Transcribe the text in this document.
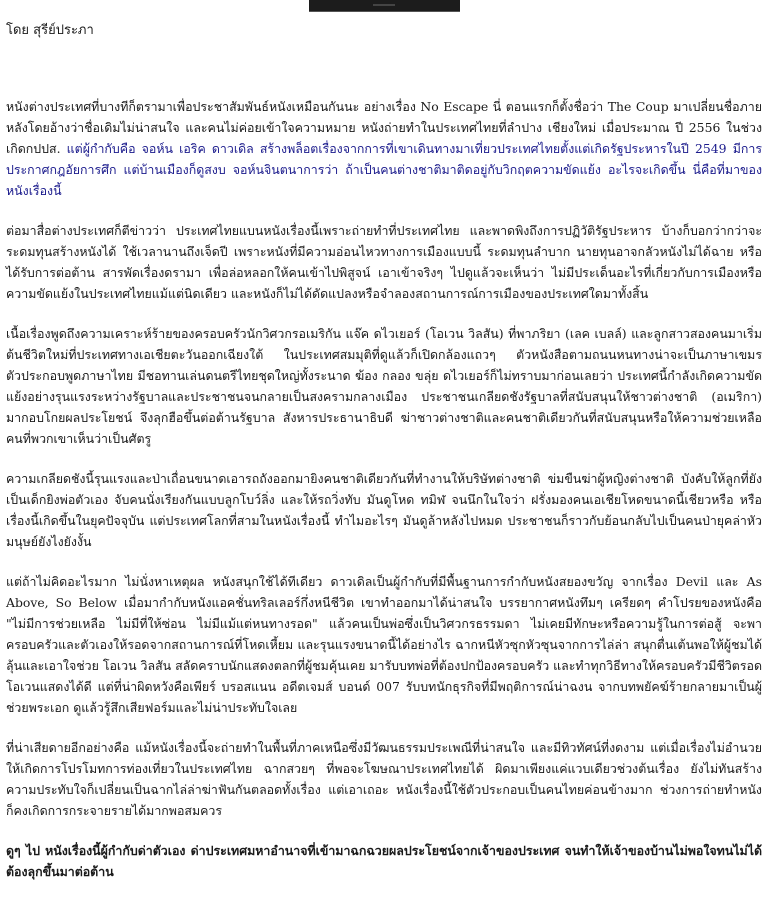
โดย สุรีย์ประภา

หนังต่างประเทศที่บางทีก็ตรามาเพื่อประชาสัมพันธ์หนังเหมือนกันนะ อย่างเรื่อง No Escape นี่ ตอนแรกก็ตั้งชื่อว่า The Coup มาเปลี่ยนชื่อภายหลังโดยอ้างว่าชื่อเดิมไม่น่าสนใจ และคนไม่ค่อยเข้าใจความหมาย หนังถ่ายทำในประเทศไทยที่ลำปาง เชียงใหม่ เมื่อประมาณ ปี 2556 ในช่วงเกิดกปปส. แต่ผู้กำกับคือ จอห์น เอริค ดาวเดิล สร้างพล็อตเรื่องจากการที่เขาเดินทางมาเที่ยวประเทศไทยตั้งแต่เกิดรัฐประหารในปี 2549 มีการประกาศกฎอัยการศึก แต่บ้านเมืองก็ดูสงบ จอห์นจินตนาการว่า ถ้าเป็นคนต่างชาติมาติดอยู่กับวิกฤตความขัดแย้ง อะไรจะเกิดขึ้น นี่คือที่มาของหนังเรื่องนี้

ต่อมาสื่อต่างประเทศก็ตีข่าวว่า ประเทศไทยแบนหนังเรื่องนี้เพราะถ่ายทำที่ประเทศไทย และพาดพิงถึงการปฏิวัติรัฐประหาร บ้างก็บอกว่ากว่าจะระดมทุนสร้างหนังได้ ใช้เวลานานถึงเจ็ดปี เพราะหนังที่มีความอ่อนไหวทางการเมืองแบบนี้ ระดมทุนลำบาก นายทุนอาจกลัวหนังไม่ได้ฉาย หรือได้รับการต่อต้าน สารพัดเรื่องดรามา เพื่อล่อหลอกให้คนเข้าไปพิสูจน์ เอาเข้าจริงๆ ไปดูแล้วจะเห็นว่า ไม่มีประเด็นอะไรที่เกี่ยวกับการเมืองหรือความขัดแย้งในประเทศไทยแม้แต่นิดเดียว และหนังก็ไม่ได้ดัดแปลงหรือจำลองสถานการณ์การเมืองของประเทศใดมาทั้งสิ้น

เนื้อเรื่องพูดถึงความเคราะห์ร้ายของครอบครัวนักวิศวกรอเมริกัน แจ๊ค ดไวเยอร์ (โอเวน วิลสัน) ที่พาภริยา (เลค เบลล์) และลูกสาวสองคนมาเริ่มต้นชีวิตใหม่ที่ประเทศทางเอเชียตะวันออกเฉียงใต้ ในประเทศสมมุติที่ดูแล้วก็เปิดกล้องแถวๆ ตัวหนังสือตามถนนหนทางน่าจะเป็นภาษาเขมร ตัวประกอบพูดภาษาไทย มีชอทานเล่นดนตรีไทยชุดใหญ่ทั้งระนาด ฆ้อง กลอง ขลุ่ย ดไวเยอร์ก็ไม่ทราบมาก่อนเลยว่า ประเทศนี้กำลังเกิดความขัดแย้งอย่างรุนแรงระหว่างรัฐบาลและประชาชนจนกลายเป็นสงครามกลางเมือง ประชาชนเกลียดชังรัฐบาลที่สนับสนุนให้ชาวต่างชาติ (อเมริกา) มากอบโกยผลประโยชน์ จึงลุกฮือขึ้นต่อต้านรัฐบาล สังหารประธานาธิบดี ฆ่าชาวต่างชาติและคนชาติเดียวกันที่สนับสนุนหรือให้ความช่วยเหลือคนที่พวกเขาเห็นว่าเป็นศัตรู

ความเกลียดชังนี้รุนแรงและป่าเถื่อนขนาดเอารถถังออกมายิงคนชาติเดียวกันที่ทำงานให้บริษัทต่างชาติ ข่มขืนฆ่าผู้หญิงต่างชาติ บังคับให้ลูกที่ยังเป็นเด็กยิงพ่อตัวเอง จับคนนั่งเรียงกันแบบลูกโบว์ลิ่ง และให้รถวิ่งทับ มันดูโหด ทมิฬ จนนึกในใจว่า ฝรั่งมองคนเอเชียโหดขนาดนี้เชียวหรือ หรือเรื่องนี้เกิดขึ้นในยุคปัจจุบัน แต่ประเทศโลกที่สามในหนังเรื่องนี้ ทำไมอะไรๆ มันดูล้าหลังไปหมด ประชาชนก็ราวกับย้อนกลับไปเป็นคนป่ายุคล่าหัวมนุษย์ยังไงยังงั้น

แต่ถ้าไม่คิดอะไรมาก ไม่นั่งหาเหตุผล หนังสนุกใช้ได้ทีเดียว ดาวเดิลเป็นผู้กำกับที่มีพื้นฐานการกำกับหนังสยองขวัญ จากเรื่อง Devil และ As Above, So Below เมื่อมากำกับหนังแอคชั่นทริลเลอร์กึ่งหนีชีวิต เขาทำออกมาได้น่าสนใจ บรรยากาศหนังทึมๆ เครียดๆ คำโปรยของหนังคือ "ไม่มีการช่วยเหลือ ไม่มีที่ให้ซ่อน ไม่มีแม้แต่หนทางรอด" แล้วคนเป็นพ่อซึ่งเป็นวิศวกรธรรมดา ไม่เคยมีทักษะหรือความรู้ในการต่อสู้ จะพาครอบครัวและตัวเองให้รอดจากสถานการณ์ที่โหดเหี้ยม และรุนแรงขนาดนี้ได้อย่างไร ฉากหนีหัวซุกหัวซุนจากการไล่ล่า สนุกตื่นเต้นพอให้ผู้ชมได้ลุ้นและเอาใจช่วย โอเวน วิลสัน สลัดคราบนักแสดงตลกที่ผู้ชมคุ้นเคย มารับบทพ่อที่ต้องปกป้องครอบครัว และทำทุกวิธีทางให้ครอบครัวมีชีวิตรอด โอเวนแสดงได้ดี แต่ที่น่าผิดหวังคือเพียร์ บรอสแนน อดีตเจมส์ บอนด์ 007 รับบทนักธุรกิจที่มีพฤติการณ์น่าฉงน จากบทพยัคฆ์ร้ายกลายมาเป็นผู้ช่วยพระเอก ดูแล้วรู้สึกเสียฟอร์มและไม่น่าประทับใจเลย

ที่น่าเสียดายอีกอย่างคือ แม้หนังเรื่องนี้จะถ่ายทำในพื้นที่ภาคเหนือซึ่งมีวัฒนธรรมประเพณีที่น่าสนใจ และมีทิวทัศน์ที่งดงาม แต่เมื่อเรื่องไม่อำนวยให้เกิดการโปรโมทการท่องเที่ยวในประเทศไทย ฉากสวยๆ ที่พอจะโฆษณาประเทศไทยได้ ผิดมาเพียงแค่แวบเดียวช่วงต้นเรื่อง ยังไม่ทันสร้างความประทับใจก็เปลี่ยนเป็นฉากไล่ล่าฆ่าฟันกันตลอดทั้งเรื่อง แต่เอาเถอะ หนังเรื่องนี้ใช้ตัวประกอบเป็นคนไทยค่อนข้างมาก ช่วงการถ่ายทำหนัง ก็คงเกิดการกระจายรายได้มากพอสมควร

ดูๆ ไป หนังเรื่องนี้ผู้กำกับด่าตัวเอง ด่าประเทศมหาอำนาจที่เข้ามาฉกฉวยผลประโยชน์จากเจ้าของประเทศ จนทำให้เจ้าของบ้านไม่พอใจทนไม่ได้ ต้องลุกขึ้นมาต่อต้าน
